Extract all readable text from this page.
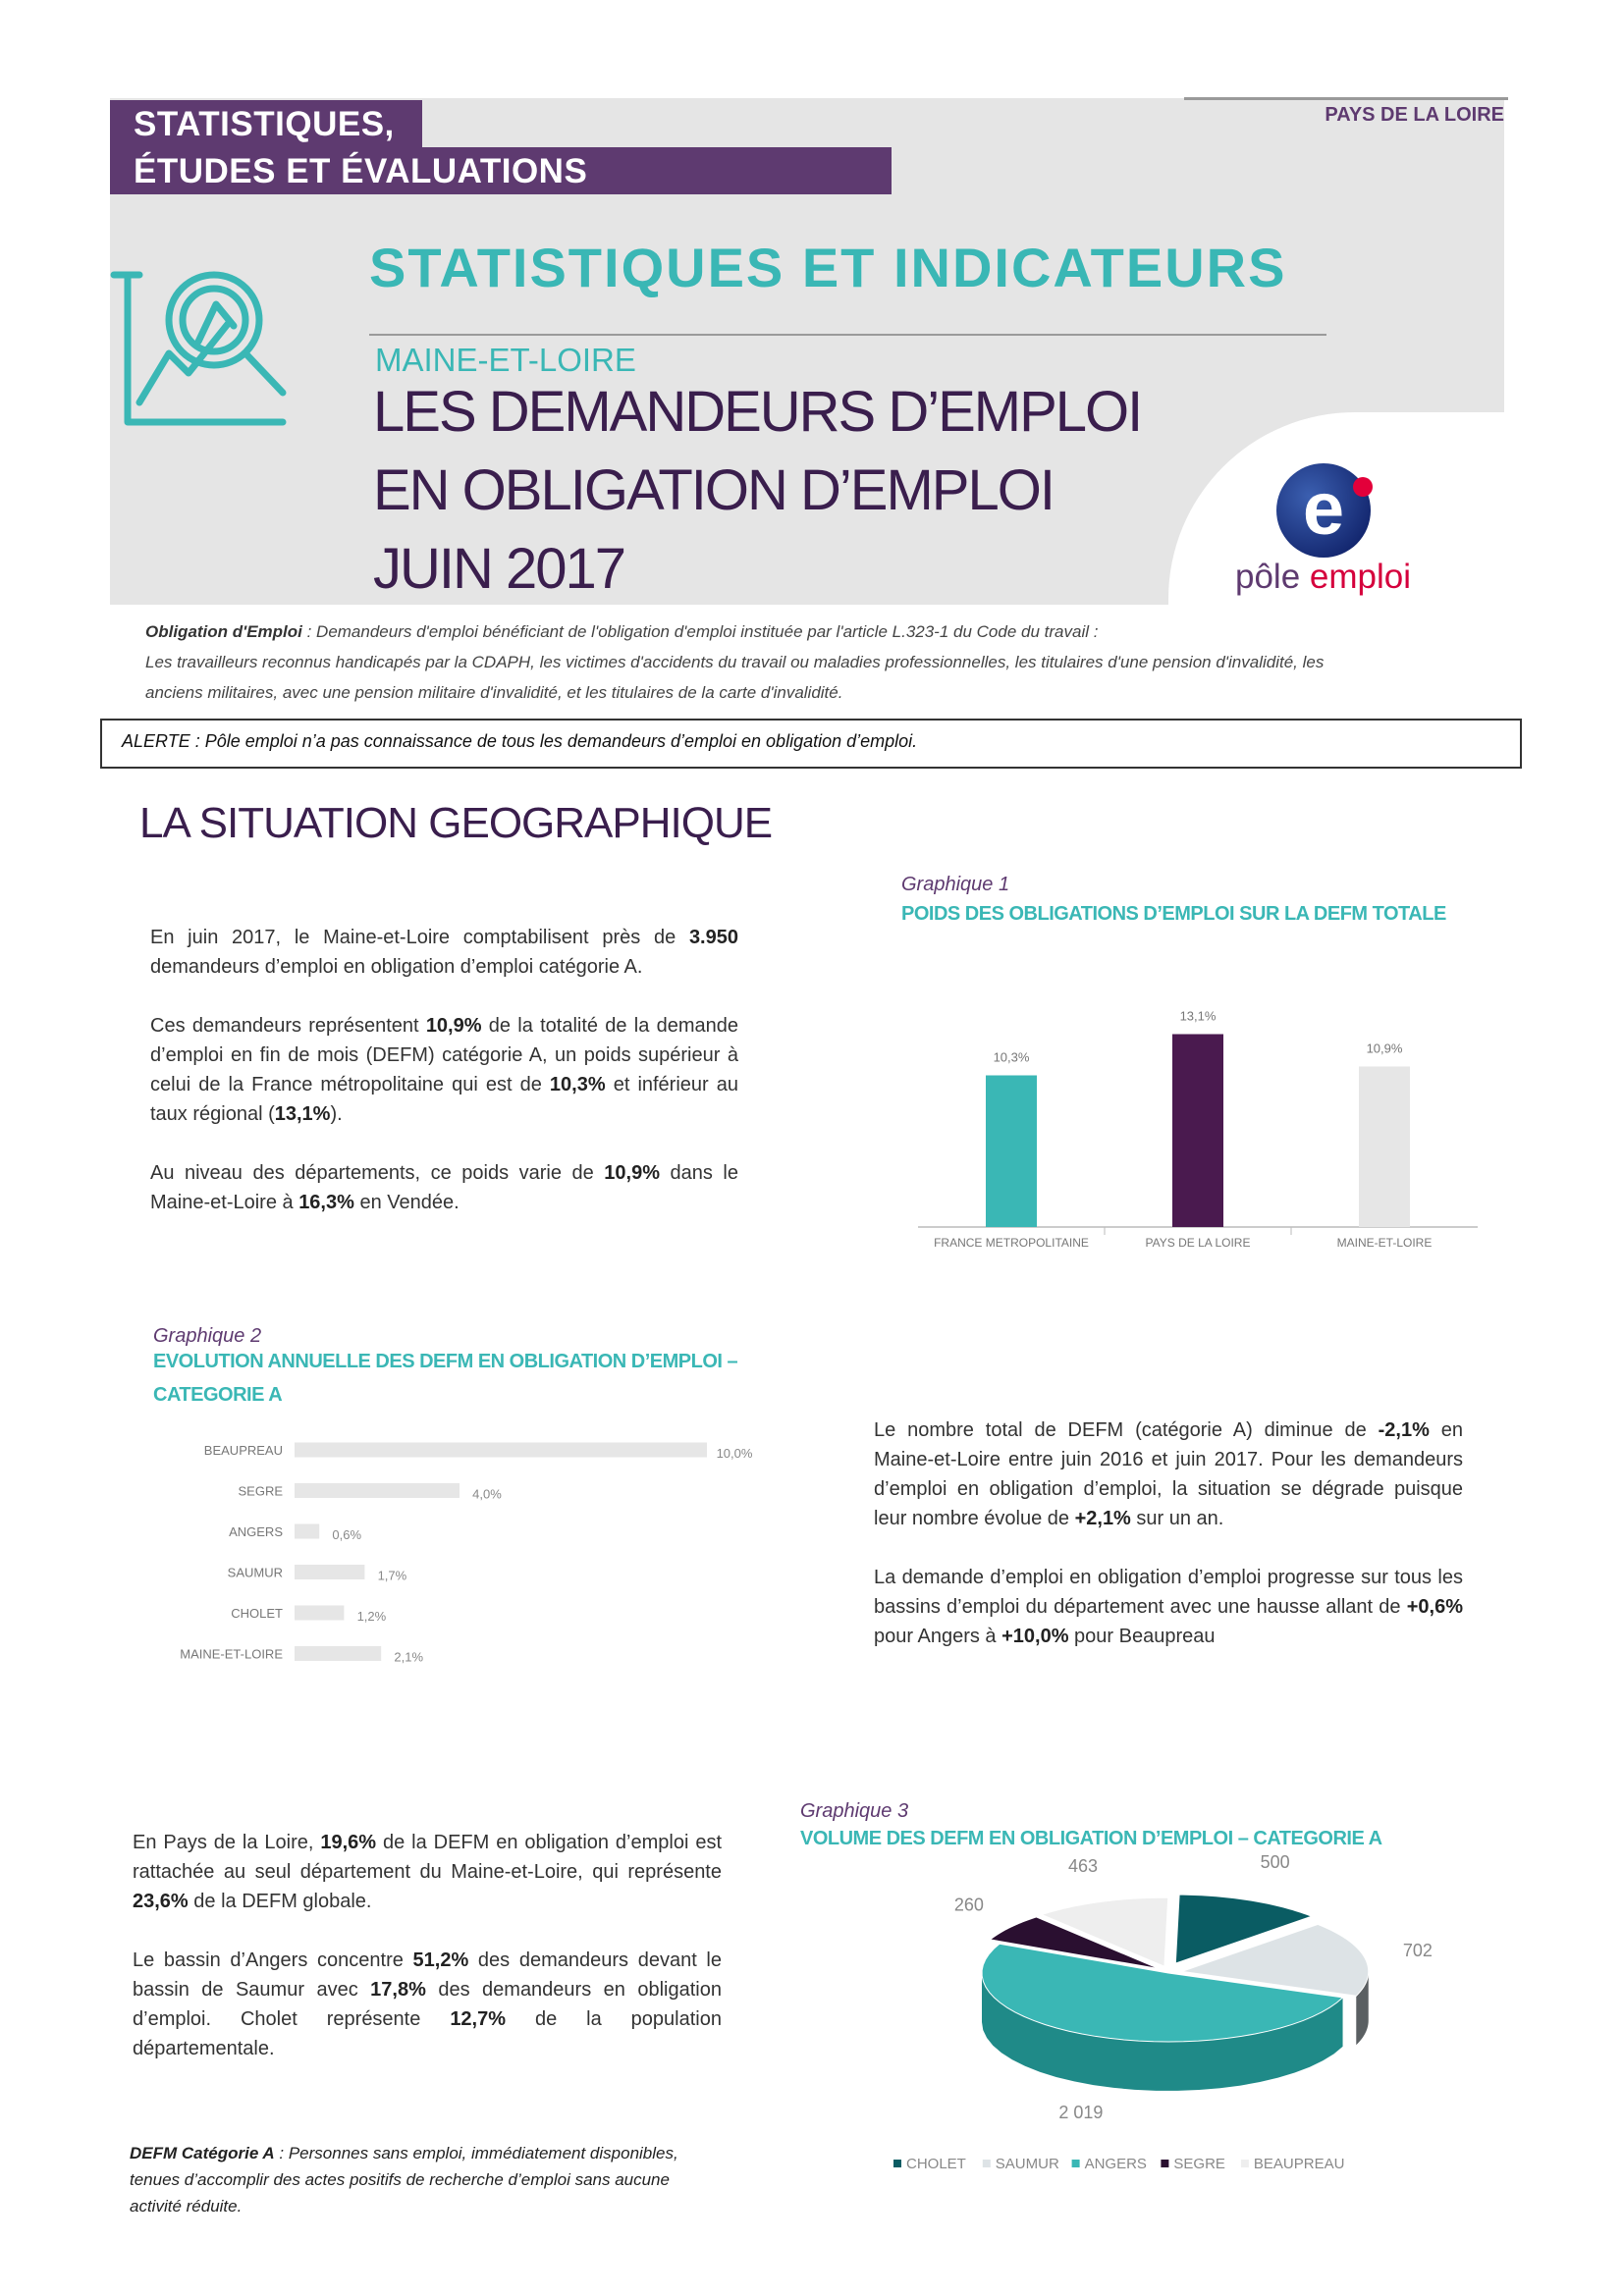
STATISTIQUES,
ÉTUDES ET ÉVALUATIONS
PAYS DE LA LOIRE
STATISTIQUES ET INDICATEURS
MAINE-ET-LOIRE
LES DEMANDEURS D’EMPLOI
EN OBLIGATION D’EMPLOI
JUIN 2017
e
pôle emploi
Obligation d'Emploi : Demandeurs d'emploi bénéficiant de l'obligation d'emploi instituée par l'article L.323-1 du Code du travail :
Les travailleurs reconnus handicapés par la CDAPH, les victimes d'accidents du travail ou maladies professionnelles, les titulaires d'une pension d'invalidité, les
anciens militaires, avec une pension militaire d'invalidité, et les titulaires de la carte d'invalidité.
ALERTE : Pôle emploi n’a pas connaissance de tous les demandeurs d’emploi en obligation d’emploi.
LA SITUATION GEOGRAPHIQUE

En juin 2017, le Maine-et-Loire comptabilisent près de 3.950 demandeurs d’emploi en obligation d’emploi catégorie A.

Ces demandeurs représentent 10,9% de la totalité de la demande d’emploi en fin de mois (DEFM) catégorie A, un poids supérieur à celui de la France métropolitaine qui est de 10,3% et inférieur au taux régional (13,1%).

Au niveau des départements, ce poids varie de 10,9% dans le Maine-et-Loire à 16,3% en Vendée.

Graphique 1
POIDS DES OBLIGATIONS D’EMPLOI SUR LA DEFM TOTALE
10,3%
FRANCE METROPOLITAINE
13,1%
PAYS DE LA LOIRE
10,9%
MAINE-ET-LOIRE
Graphique 2
EVOLUTION ANNUELLE DES DEFM EN OBLIGATION D’EMPLOI –
CATEGORIE A
BEAUPREAU	10,0%
SEGRE	4,0%
ANGERS	0,6%
SAUMUR	1,7%
CHOLET	1,2%
MAINE-ET-LOIRE	2,1%

Le nombre total de DEFM (catégorie A) diminue de -2,1% en Maine-et-Loire entre juin 2016 et juin 2017. Pour les demandeurs d’emploi en obligation d’emploi, la situation se dégrade puisque leur nombre évolue de +2,1% sur un an.

La demande d’emploi en obligation d’emploi progresse sur tous les bassins d’emploi du département avec une hausse allant de +0,6% pour Angers à +10,0% pour Beaupreau

Graphique 3
VOLUME DES DEFM EN OBLIGATION D’EMPLOI – CATEGORIE A
500
702
2 019
260
463
CHOLET SAUMUR ANGERS SEGRE BEAUPREAU

En Pays de la Loire, 19,6% de la DEFM en obligation d’emploi est rattachée au seul département du Maine-et-Loire, qui représente 23,6% de la DEFM globale.

Le bassin d’Angers concentre 51,2% des demandeurs devant le bassin de Saumur avec 17,8% des demandeurs en obligation d’emploi. Cholet représente 12,7% de la population départementale.

DEFM Catégorie A : Personnes sans emploi, immédiatement disponibles, tenues d’accomplir des actes positifs de recherche d’emploi sans aucune activité réduite.
